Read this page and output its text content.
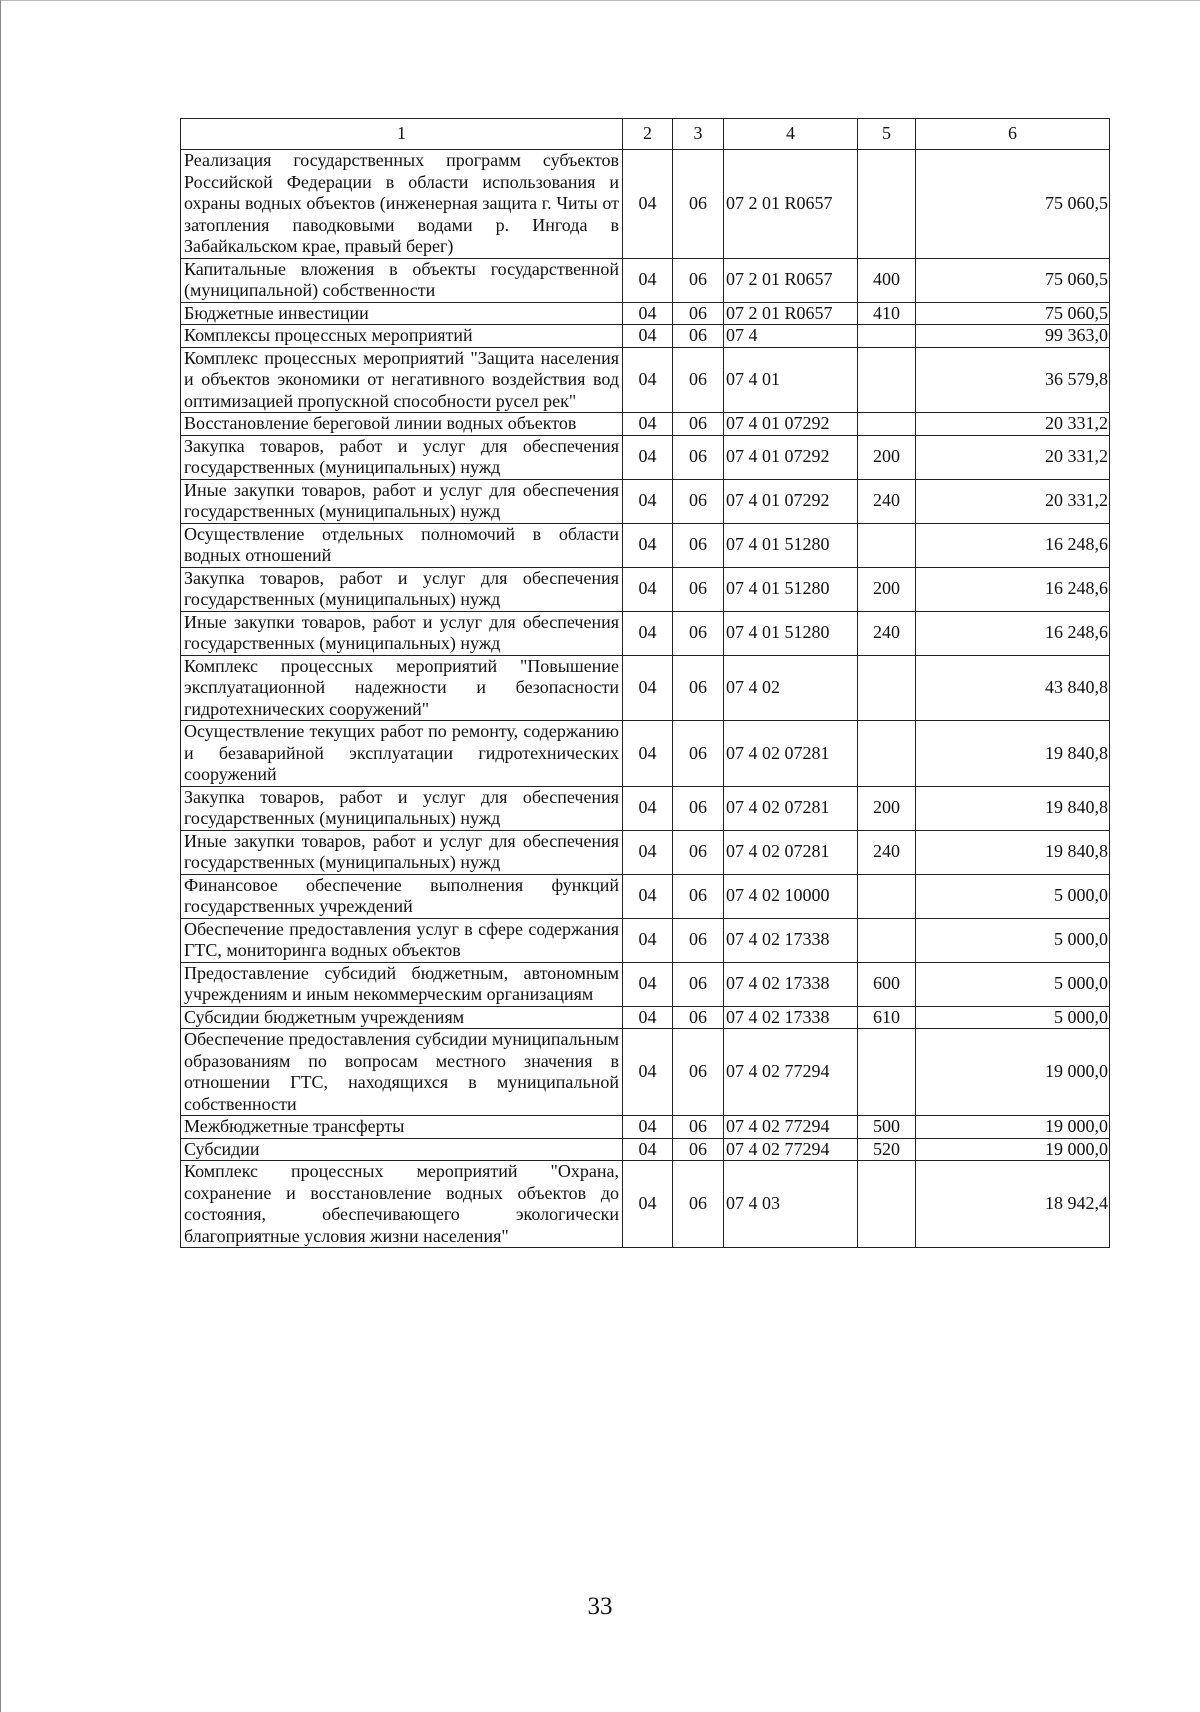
1	2	3	4	5	6
Реализация государственных программ субъектов Российской Федерации в области использования и охраны водных объектов (инженерная защита г. Читы от затопления паводковыми водами р. Ингода в Забайкальском крае, правый берег)	04	06	07 2 01 R0657		75 060,5
Капитальные вложения в объекты государственной (муниципальной) собственности	04	06	07 2 01 R0657	400	75 060,5
Бюджетные инвестиции	04	06	07 2 01 R0657	410	75 060,5
Комплексы процессных мероприятий	04	06	07 4		99 363,0
Комплекс процессных мероприятий "Защита населения и объектов экономики от негативного воздействия вод оптимизацией пропускной способности русел рек"	04	06	07 4 01		36 579,8
Восстановление береговой линии водных объектов	04	06	07 4 01 07292		20 331,2
Закупка товаров, работ и услуг для обеспечения государственных (муниципальных) нужд	04	06	07 4 01 07292	200	20 331,2
Иные закупки товаров, работ и услуг для обеспечения государственных (муниципальных) нужд	04	06	07 4 01 07292	240	20 331,2
Осуществление отдельных полномочий в области водных отношений	04	06	07 4 01 51280		16 248,6
Закупка товаров, работ и услуг для обеспечения государственных (муниципальных) нужд	04	06	07 4 01 51280	200	16 248,6
Иные закупки товаров, работ и услуг для обеспечения государственных (муниципальных) нужд	04	06	07 4 01 51280	240	16 248,6
Комплекс процессных мероприятий "Повышение эксплуатационной надежности и безопасности гидротехнических сооружений"	04	06	07 4 02		43 840,8
Осуществление текущих работ по ремонту, содержанию и безаварийной эксплуатации гидротехнических сооружений	04	06	07 4 02 07281		19 840,8
Закупка товаров, работ и услуг для обеспечения государственных (муниципальных) нужд	04	06	07 4 02 07281	200	19 840,8
Иные закупки товаров, работ и услуг для обеспечения государственных (муниципальных) нужд	04	06	07 4 02 07281	240	19 840,8
Финансовое обеспечение выполнения функций государственных учреждений	04	06	07 4 02 10000		5 000,0
Обеспечение предоставления услуг в сфере содержания ГТС, мониторинга водных объектов	04	06	07 4 02 17338		5 000,0
Предоставление субсидий бюджетным, автономным учреждениям и иным некоммерческим организациям	04	06	07 4 02 17338	600	5 000,0
Субсидии бюджетным учреждениям	04	06	07 4 02 17338	610	5 000,0
Обеспечение предоставления субсидии муниципальным образованиям по вопросам местного значения в отношении ГТС, находящихся в муниципальной собственности	04	06	07 4 02 77294		19 000,0
Межбюджетные трансферты	04	06	07 4 02 77294	500	19 000,0
Субсидии	04	06	07 4 02 77294	520	19 000,0
Комплекс процессных мероприятий "Охрана, сохранение и восстановление водных объектов до состояния, обеспечивающего экологически благоприятные условия жизни населения"	04	06	07 4 03		18 942,4
33
